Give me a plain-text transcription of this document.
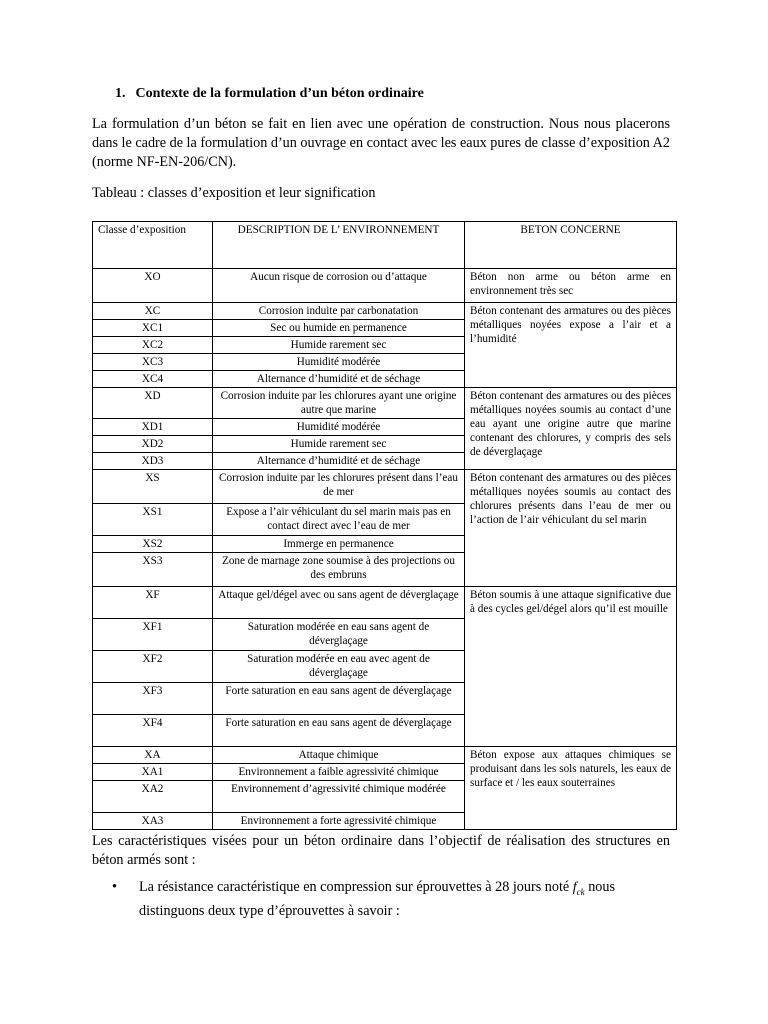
1. Contexte de la formulation d’un béton ordinaire
La formulation d’un béton se fait en lien avec une opération de construction. Nous nous placerons dans le cadre de la formulation d’un ouvrage en contact avec les eaux pures de classe d’exposition A2 (norme NF-EN-206/CN).
Tableau : classes d’exposition et leur signification
Classe d’exposition	DESCRIPTION DE L’ ENVIRONNEMENT	BETON CONCERNE
XO	Aucun risque de corrosion ou d’attaque	Béton non arme ou béton arme en environnement très sec
XC	Corrosion induite par carbonatation	Béton contenant des armatures ou des pièces métalliques noyées expose a l’air et a l’humidité
XC1	Sec ou humide en permanence	
XC2	Humide rarement sec	
XC3	Humidité modérée	
XC4	Alternance d’humidité et de séchage	
XD	Corrosion induite par les chlorures ayant une origine autre que marine	Béton contenant des armatures ou des pièces métalliques noyées soumis au contact d’une eau ayant une origine autre que marine contenant des chlorures, y compris des sels de déverglaçage
XD1	Humidité modérée	
XD2	Humide rarement sec	
XD3	Alternance d’humidité et de séchage	
XS	Corrosion induite par les chlorures présent dans l’eau de mer	Béton contenant des armatures ou des pièces métalliques noyées soumis au contact des chlorures présents dans l’eau de mer ou l’action de l’air véhiculant du sel marin
XS1	Expose a l’air véhiculant du sel marin mais pas en contact direct avec l’eau de mer	
XS2	Immerge en permanence	
XS3	Zone de marnage zone soumise à des projections ou des embruns	
XF	Attaque gel/dégel avec ou sans agent de déverglaçage	Béton soumis à une attaque significative due à des cycles gel/dégel alors qu’il est mouille
XF1	Saturation modérée en eau sans agent de déverglaçage	
XF2	Saturation modérée en eau avec agent de déverglaçage	
XF3	Forte saturation en eau sans agent de déverglaçage	
XF4	Forte saturation en eau sans agent de déverglaçage	
XA	Attaque chimique	Béton expose aux attaques chimiques se produisant dans les sols naturels, les eaux de surface et / les eaux souterraines
XA1	Environnement a faible agressivité chimique	
XA2	Environnement d’agressivité chimique modérée	
XA3	Environnement a forte agressivité chimique	
Les caractéristiques visées pour un béton ordinaire dans l’objectif de réalisation des structures en béton armés sont :
• La résistance caractéristique en compression sur éprouvettes à 28 jours noté $f_{ck}$ nous distinguons deux type d’éprouvettes à savoir :
